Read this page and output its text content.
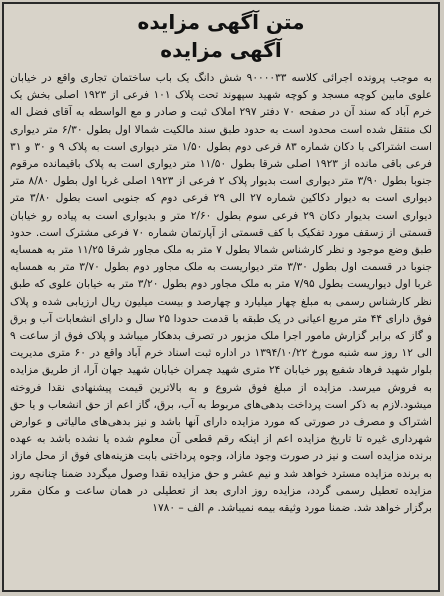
متن آگهی مزایده
آگهی مزایده
به موجب پرونده اجرائی کلاسه ۹۰۰۰۰۳۳ شش دانگ یک باب ساختمان تجاری واقع در خیابان علوی مابین کوچه مسجد و کوچه شهید سپهوند تحت پلاک ۱۰۱ فرعی از ۱۹۲۳ اصلی بخش یک خرم آباد که سند آن در صفحه ۷۰ دفتر ۲۹۷ املاک ثبت و صادر و مع الواسطه به آقای فضل اله لک منتقل شده است محدود است به حدود طبق سند مالکیت شمالا اول بطول ۶/۳۰ متر دیواری است اشتراکی با دکان شماره ۸۳ فرعی دوم بطول ۱/۵۰ متر دیواری است به پلاک ۹ و ۳۰ و ۳۱ فرعی باقی مانده از ۱۹۲۳ اصلی شرقا بطول ۱۱/۵۰ متر دیواری است به پلاک باقیمانده مرقوم جنوبا بطول ۳/۹۰ متر دیواری است بدیوار پلاک ۲ فرعی از ۱۹۲۳ اصلی غربا اول بطول ۸/۸۰ متر دیواری است به دیوار دکاکین شماره ۲۷ الی ۲۹ فرعی دوم که جنوبی است بطول ۳/۸۰ متر دیواری است بدیوار دکان ۲۹ فرعی سوم بطول ۲/۶۰ متر و بدیواری است به پیاده رو خیابان قسمتی از زسقف مورد تفکیک با کف قسمتی از آپارتمان شماره ۷۰ فرعی مشترک است. حدود طبق وضع موجود و نظر کارشناس شمالا بطول ۷ متر به ملک مجاور شرقا ۱۱/۲۵ متر به همسایه جنوبا در قسمت اول بطول ۳/۳۰ متر دیواریست به ملک مجاور دوم بطول ۳/۷۰ متر به همسایه غربا اول دیواریست بطول ۷/۹۵ متر به ملک مجاور دوم بطول ۳/۲۰ متر به خیابان علوی که طبق نظر کارشناس رسمی به مبلغ چهار میلیارد و چهارصد و بیست میلیون ریال ارزیابی شده و پلاک فوق دارای ۴۴ متر مربع اعیانی در یک طبقه با قدمت حدودا ۲۵ سال و دارای انشعابات آب و برق و گاز که برابر گزارش مامور اجرا ملک مزبور در تصرف بدهکار میباشد و پلاک فوق از ساعت ۹ الی ۱۲ روز سه شنبه مورخ ۱۳۹۴/۱۰/۲۲ در اداره ثبت اسناد خرم آباد واقع در ۶۰ متری مدیریت بلوار شهید فرهاد شفیع پور خیابان ۲۴ متری شهید چمران خیابان شهید جهان آرا، از طریق مزایده به فروش میرسد. مزایده از مبلغ فوق شروع و به بالاترین قیمت پیشنهادی نقدا فروخته میشود.لازم به ذکر است پرداخت بدهی‌های مربوط به آب، برق، گاز اعم از حق انشعاب و یا حق اشتراک و مصرف در صورتی که مورد مزایده دارای آنها باشد و نیز بدهی‌های مالیاتی و عوارض شهرداری غیره تا تاریخ مزایده اعم از اینکه رقم قطعی آن معلوم شده یا نشده باشد به عهده برنده مزایده است و نیز در صورت وجود مازاد، وجوه پرداختی بابت هزینه‌های فوق از محل مازاد به برنده مزایده مسترد خواهد شد و نیم عشر و حق مزایده نقدا وصول میگردد ضمنا چنانچه روز مزایده تعطیل رسمی گردد، مزایده روز اداری بعد از تعطیلی در همان ساعت و مکان مقرر برگزار خواهد شد. ضمنا مورد وثیقه بیمه نمیباشد. م الف – ۱۷۸۰
